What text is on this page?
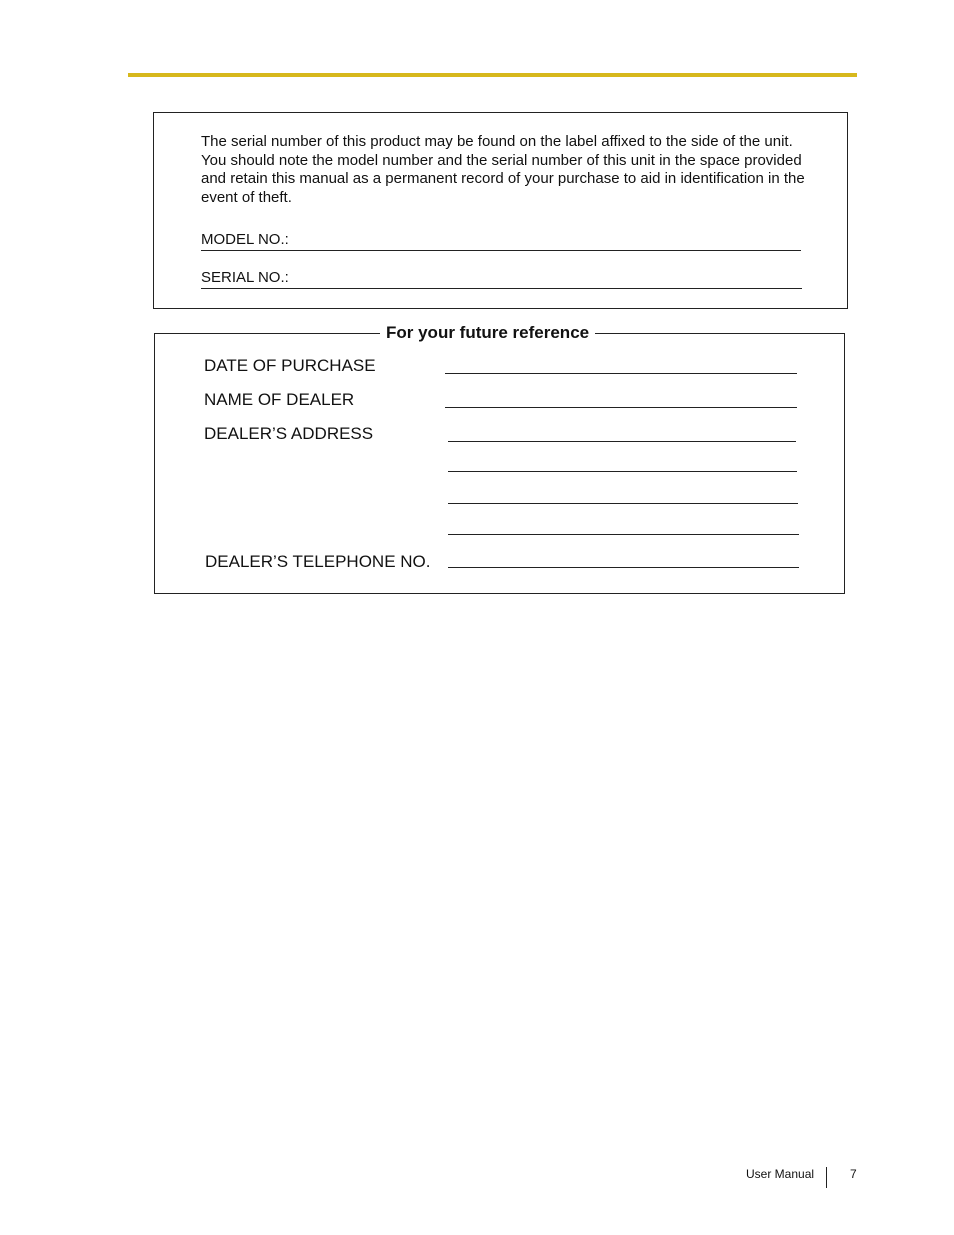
The serial number of this product may be found on the label affixed to the side of the unit. You should note the model number and the serial number of this unit in the space provided and retain this manual as a permanent record of your purchase to aid in identification in the event of theft.

MODEL NO.:
SERIAL NO.:
For your future reference
DATE OF PURCHASE
NAME OF DEALER
DEALER’S ADDRESS
DEALER’S TELEPHONE NO.
User Manual	7
